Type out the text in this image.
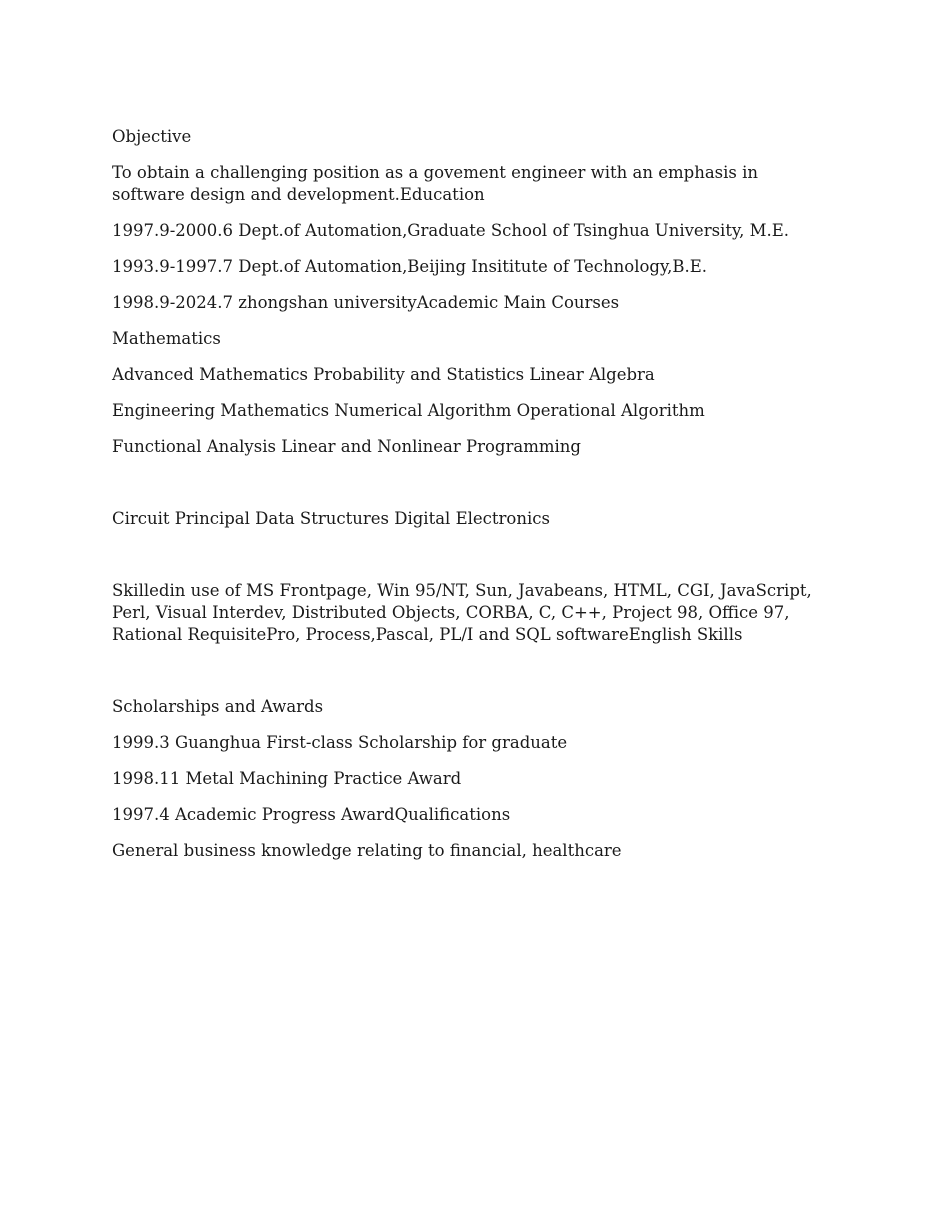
Objective

To obtain a challenging position as a govement engineer with an emphasis in software design and development.Education

1997.9-2000.6 Dept.of Automation,Graduate School of Tsinghua University, M.E.

1993.9-1997.7 Dept.of Automation,Beijing Insititute of Technology,B.E.

1998.9-2024.7 zhongshan universityAcademic Main Courses

Mathematics

Advanced Mathematics Probability and Statistics Linear Algebra

Engineering Mathematics Numerical Algorithm Operational Algorithm

Functional Analysis Linear and Nonlinear Programming

Circuit Principal Data Structures Digital Electronics

Skilledin use of MS Frontpage, Win 95/NT, Sun, Javabeans, HTML, CGI, JavaScript, Perl, Visual Interdev, Distributed Objects, CORBA, C, C++, Project 98, Office 97, Rational RequisitePro, Process,Pascal, PL/I and SQL softwareEnglish Skills

Scholarships and Awards

1999.3 Guanghua First-class Scholarship for graduate

1998.11 Metal Machining Practice Award

1997.4 Academic Progress AwardQualifications

General business knowledge relating to financial, healthcare
